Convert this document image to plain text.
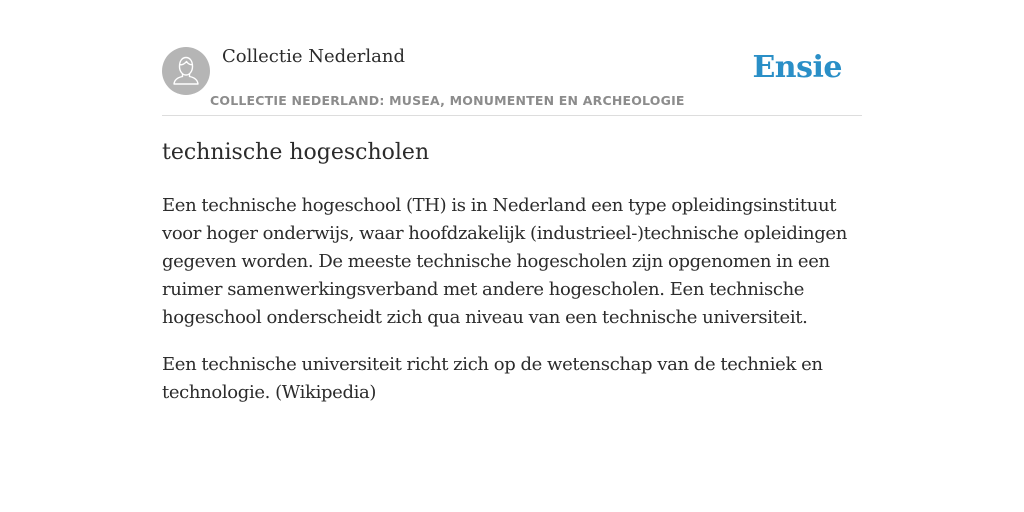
Collectie Nederland
COLLECTIE NEDERLAND: MUSEA, MONUMENTEN EN ARCHEOLOGIE
Ensie
technische hogescholen

Een technische hogeschool (TH) is in Nederland een type opleidingsinstituut voor hoger onderwijs, waar hoofdzakelijk (industrieel-)technische opleidingen gegeven worden. De meeste technische hogescholen zijn opgenomen in een ruimer samenwerkingsverband met andere hogescholen. Een technische hogeschool onderscheidt zich qua niveau van een technische universiteit.

Een technische universiteit richt zich op de wetenschap van de techniek en technologie. (Wikipedia)
